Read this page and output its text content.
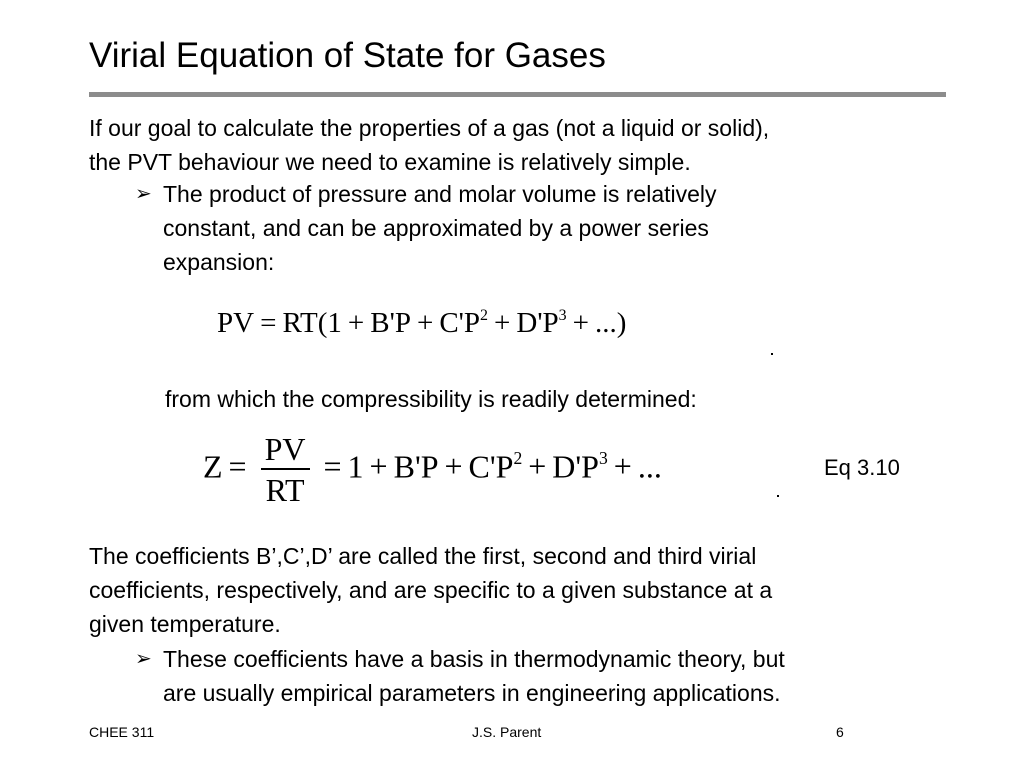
Virial Equation of State for Gases
If our goal to calculate the properties of a gas (not a liquid or solid),
the PVT behaviour we need to examine is relatively simple.
➢ The product of pressure and molar volume is relatively
constant, and can be approximated by a power series
expansion:
PV = $RT(1 + B'P + C'P^2 + D'P^3$ + ...)
from which the compressibility is readily determined:
$Z = \frac{PV}{RT} = 1 + B'P + C'P^2 + D'P^3$ + ...	Eq 3.10
The coefficients B’,C’,D’ are called the first, second and third virial
coefficients, respectively, and are specific to a given substance at a
given temperature.
➢ These coefficients have a basis in thermodynamic theory, but
are usually empirical parameters in engineering applications.
CHEE 311	J.S. Parent	6
